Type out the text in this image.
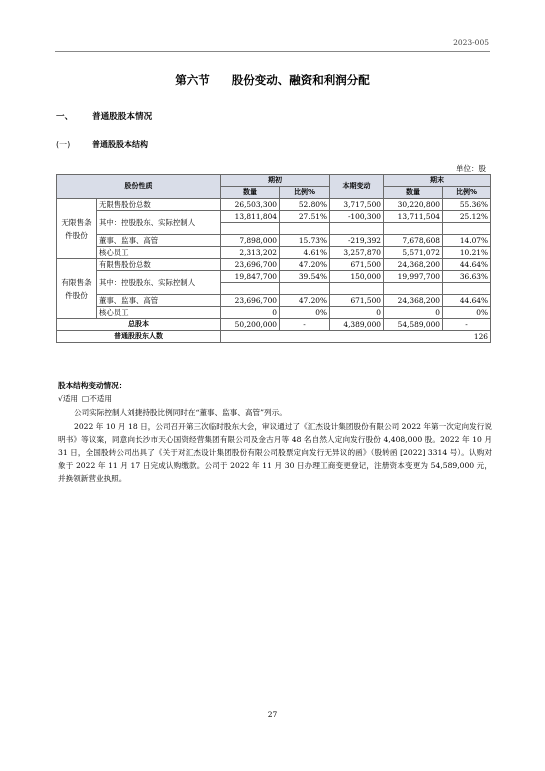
2023-005
第六节 股份变动、融资和利润分配
一、 普通股股本情况
(一)	普通股股本结构
单位：股
股份性质		期初		本期变动	期末	
		数量	比例%		数量	比例%
无限售条件股份	无限售股份总数	26,503,300	52.80%	3,717,500	30,220,800	55.36%
	其中：控股股东、实际控制人	13,811,804	27.51%	-100,300	13,711,504	25.12%

	董事、监事、高管	7,898,000	15.73%	-219,392	7,678,608	14.07%
	核心员工	2,313,202	4.61%	3,257,870	5,571,072	10.21%
有限售条件股份	有限售股份总数	23,696,700	47.20%	671,500	24,368,200	44.64%
	其中：控股股东、实际控制人	19,847,700	39.54%	150,000	19,997,700	36.63%

	董事、监事、高管	23,696,700	47.20%	671,500	24,368,200	44.64%
	核心员工	0	0%	0	0	0%
总股本		50,200,000	-	4,389,000	54,589,000	-
普通股股东人数		126				
股本结构变动情况：
√适用 □不适用
公司实际控制人刘捷持股比例同时在“董事、监事、高管”列示。
2022 年 10 月 18 日，公司召开第三次临时股东大会，审议通过了《汇杰设计集团股份有限公司 2022 年第一次定向发行说明书》等议案，同意向长沙市天心国资经营集团有限公司及金古月等 48 名自然人定向发行股份 4,408,000 股。2022 年 10 月 31 日，全国股转公司出具了《关于对汇杰设计集团股份有限公司股票定向发行无异议的函》（股转函 [2022] 3314 号）。认购对象于 2022 年 11 月 17 日完成认购缴款。公司于 2022 年 11 月 30 日办理工商变更登记，注册资本变更为 54,589,000 元，并换领新营业执照。
27
